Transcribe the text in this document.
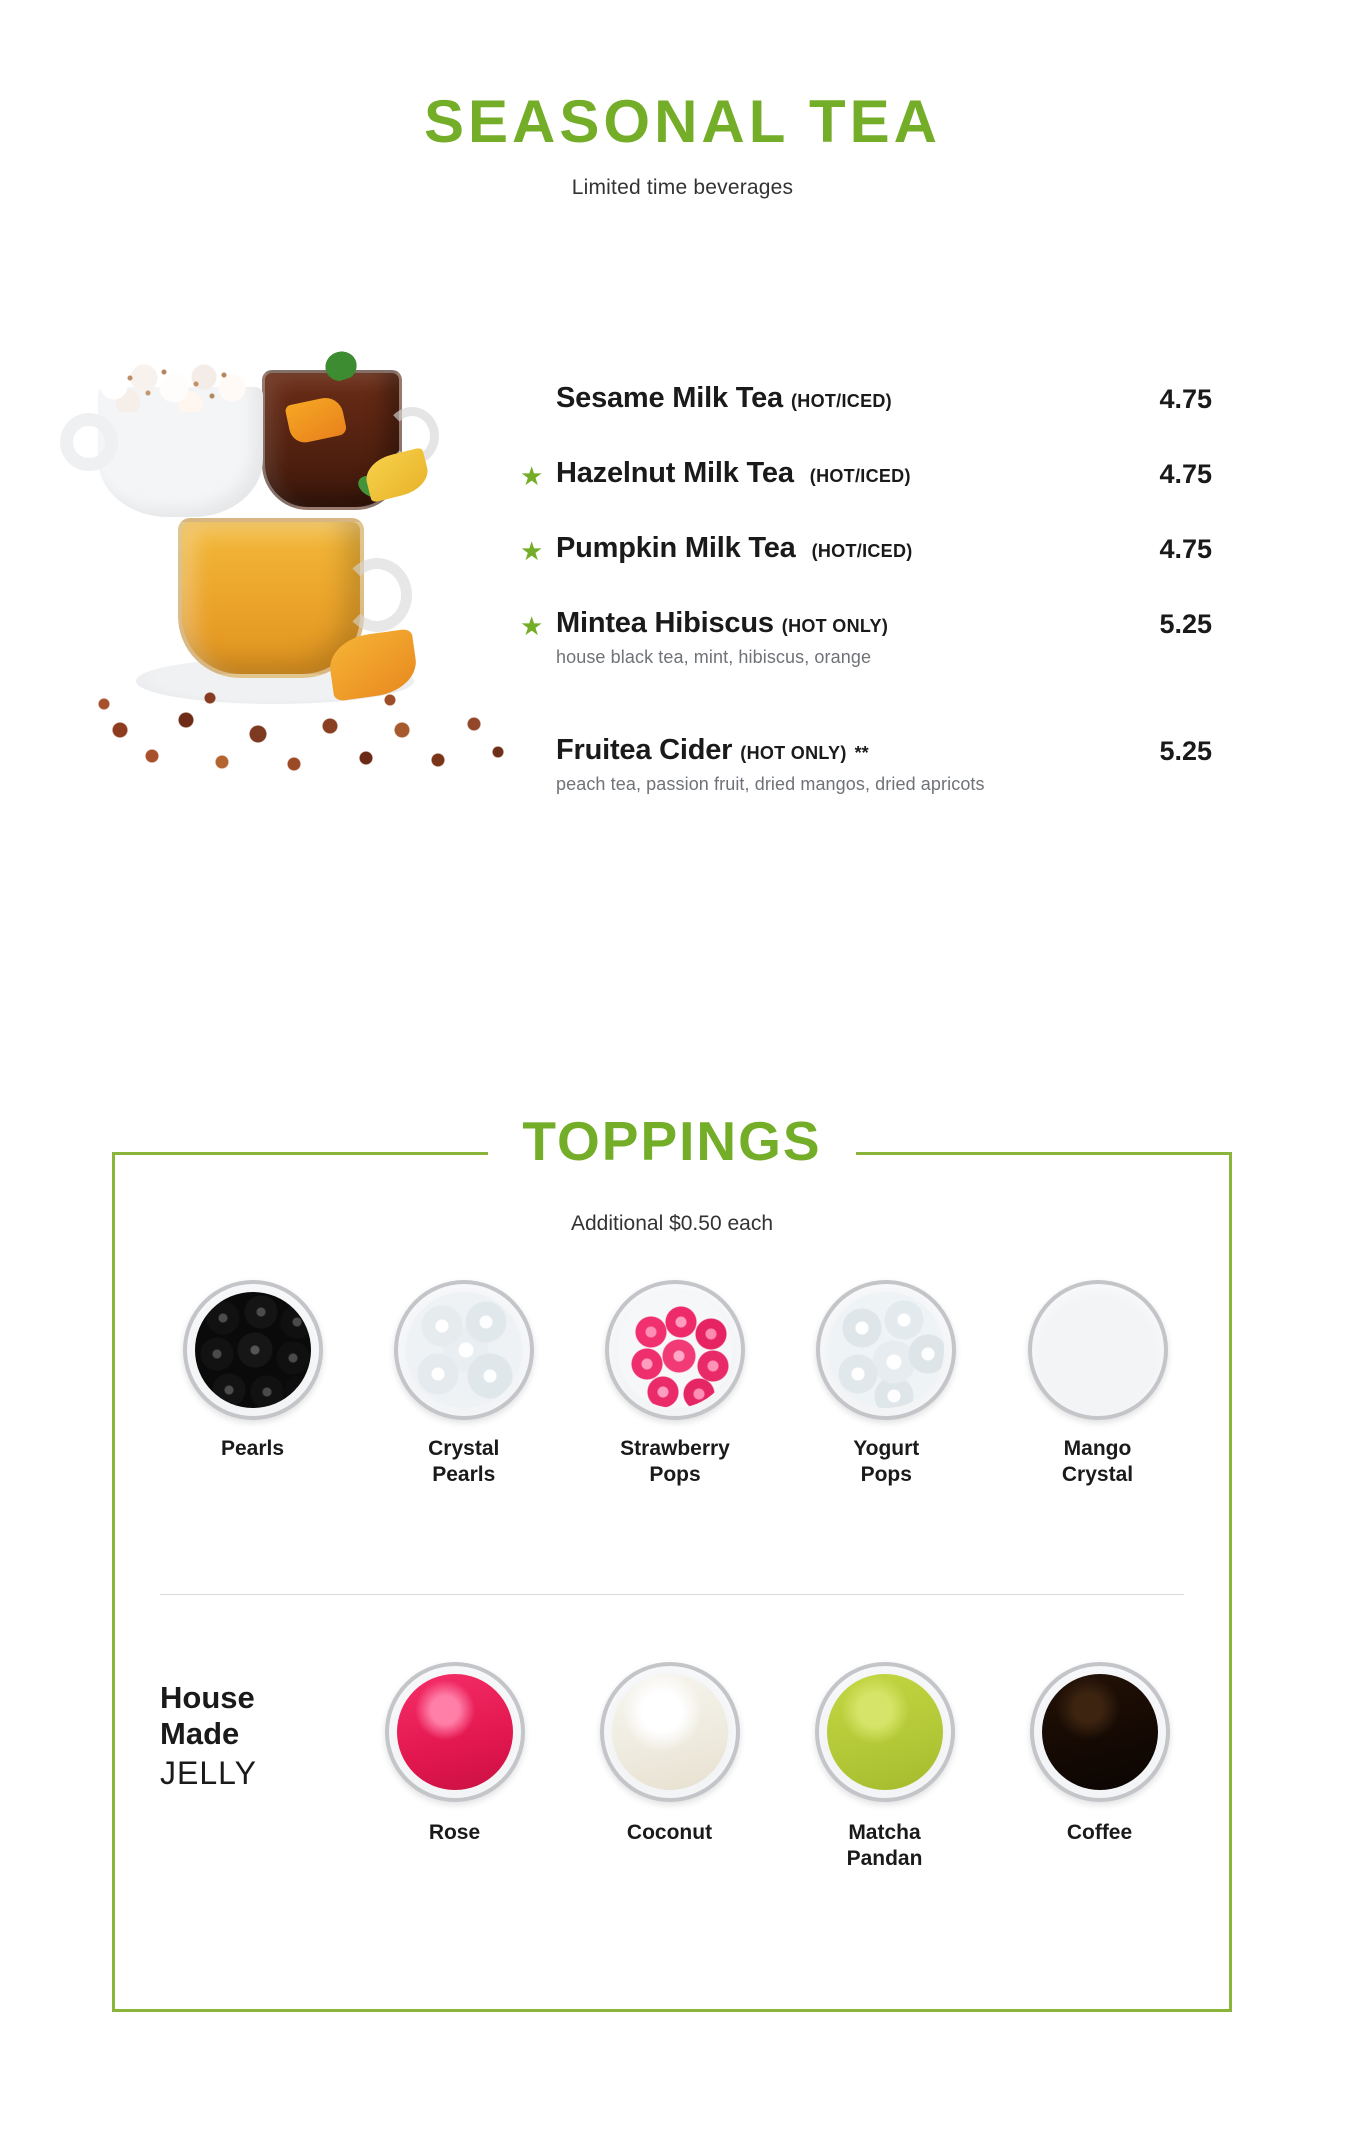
SEASONAL TEA
Limited time beverages
Sesame Milk Tea (HOT/ICED)	4.75
★ Hazelnut Milk Tea (HOT/ICED)	4.75
★ Pumpkin Milk Tea (HOT/ICED)	4.75
★ Mintea Hibiscus (HOT ONLY)
house black tea, mint, hibiscus, orange
5.25
Fruitea Cider (HOT ONLY) **
peach tea, passion fruit, dried mangos, dried apricots
5.25
TOPPINGS
Additional $0.50 each
Pearls	Crystal
Pearls
Strawberry
Pops
Yogurt
Pops
Mango
Crystal
House
Made
JELLY
Rose	Coconut	Matcha
Pandan
Coffee
